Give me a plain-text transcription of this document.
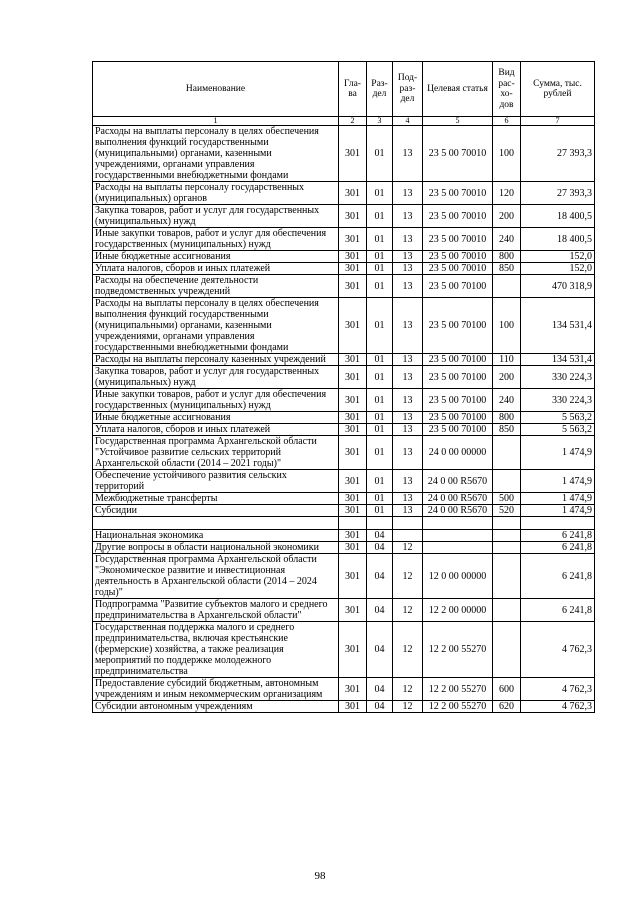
Наименование	Гла-ва	Раз-дел	Под-раз-дел	Целевая статья	Вид рас-хо-дов	Сумма, тыс. рублей
1	2	3	4	5	6	7
Расходы на выплаты персоналу в целях обеспечения выполнения функций государственными (муниципальными) органами, казенными учреждениями, органами управления государственными внебюджетными фондами	301	01	13	23 5 00 70010	100	27 393,3
Расходы на выплаты персоналу государственных (муниципальных) органов	301	01	13	23 5 00 70010	120	27 393,3
Закупка товаров, работ и услуг для государственных (муниципальных) нужд	301	01	13	23 5 00 70010	200	18 400,5
Иные закупки товаров, работ и услуг для обеспечения государственных (муниципальных) нужд	301	01	13	23 5 00 70010	240	18 400,5
Иные бюджетные ассигнования	301	01	13	23 5 00 70010	800	152,0
Уплата налогов, сборов и иных платежей	301	01	13	23 5 00 70010	850	152,0
Расходы на обеспечение деятельности подведомственных учреждений	301	01	13	23 5 00 70100		470 318,9
Расходы на выплаты персоналу в целях обеспечения выполнения функций государственными (муниципальными) органами, казенными учреждениями, органами управления государственными внебюджетными фондами	301	01	13	23 5 00 70100	100	134 531,4
Расходы на выплаты персоналу казенных учреждений	301	01	13	23 5 00 70100	110	134 531,4
Закупка товаров, работ и услуг для государственных (муниципальных) нужд	301	01	13	23 5 00 70100	200	330 224,3
Иные закупки товаров, работ и услуг для обеспечения государственных (муниципальных) нужд	301	01	13	23 5 00 70100	240	330 224,3
Иные бюджетные ассигнования	301	01	13	23 5 00 70100	800	5 563,2
Уплата налогов, сборов и иных платежей	301	01	13	23 5 00 70100	850	5 563,2
Государственная программа Архангельской области "Устойчивое развитие сельских территорий Архангельской области (2014 – 2021 годы)"	301	01	13	24 0 00 00000		1 474,9
Обеспечение устойчивого развития сельских территорий	301	01	13	24 0 00 R5670		1 474,9
Межбюджетные трансферты	301	01	13	24 0 00 R5670	500	1 474,9
Субсидии	301	01	13	24 0 00 R5670	520	1 474,9

Национальная экономика	301	04				6 241,8
Другие вопросы в области национальной экономики	301	04	12			6 241,8
Государственная программа Архангельской области "Экономическое развитие и инвестиционная деятельность в Архангельской области (2014 – 2024 годы)"	301	04	12	12 0 00 00000		6 241,8
Подпрограмма "Развитие субъектов малого и среднего предпринимательства в Архангельской области"	301	04	12	12 2 00 00000		6 241,8
Государственная поддержка малого и среднего предпринимательства, включая крестьянские (фермерские) хозяйства, а также реализация мероприятий по поддержке молодежного предпринимательства	301	04	12	12 2 00 55270		4 762,3
Предоставление субсидий бюджетным, автономным учреждениям и иным некоммерческим организациям	301	04	12	12 2 00 55270	600	4 762,3
Субсидии автономным учреждениям	301	04	12	12 2 00 55270	620	4 762,3
98
